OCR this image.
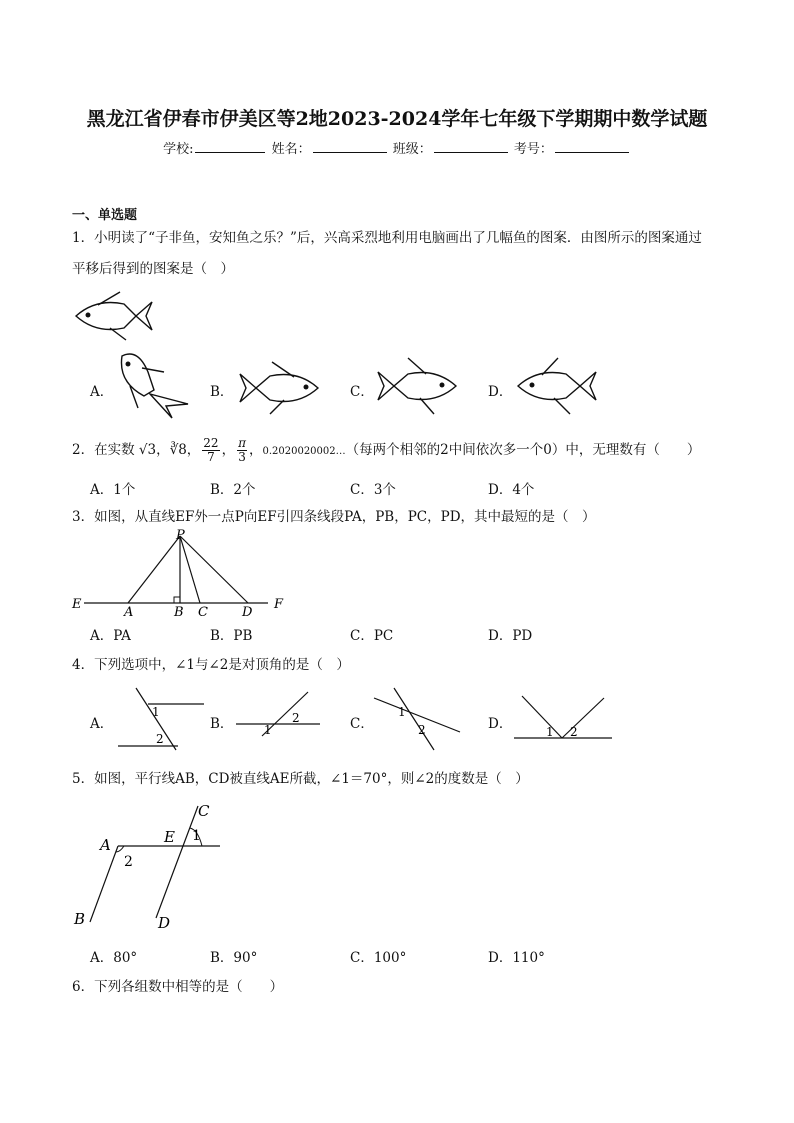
黑龙江省伊春市伊美区等2地2023-2024学年七年级下学期期中数学试题
学校:	姓名：	班级：	考号：
一、单选题
1．小明读了“子非鱼，安知鱼之乐？”后，兴高采烈地利用电脑画出了几幅鱼的图案．由图所示的图案通过
平移后得到的图案是（　）
A．	B．	C．	D．
2．在实数 √3，∛8， $\frac{22}{7}$ ， $\frac{\pi}{3}$ ，0.2020020002…（每两个相邻的2中间依次多一个0）中，无理数有（　　）
A．1个	B．2个	C．3个	D．4个
3．如图，从直线EF外一点P向EF引四条线段PA，PB，PC，PD，其中最短的是（　）
P
E
A	B C	D
F
A．PA	B．PB	C．PC	D．PD
4．下列选项中，∠1与∠2是对顶角的是（　）
A．
1
2
B．	1
2	C．
1
2	D．	1 2
5．如图，平行线AB，CD被直线AE所截，∠1＝70°，则∠2的度数是（　）
A
B
C
D
E 1
2
A．80°	B．90°	C．100°	D．110°
6．下列各组数中相等的是（　　）
